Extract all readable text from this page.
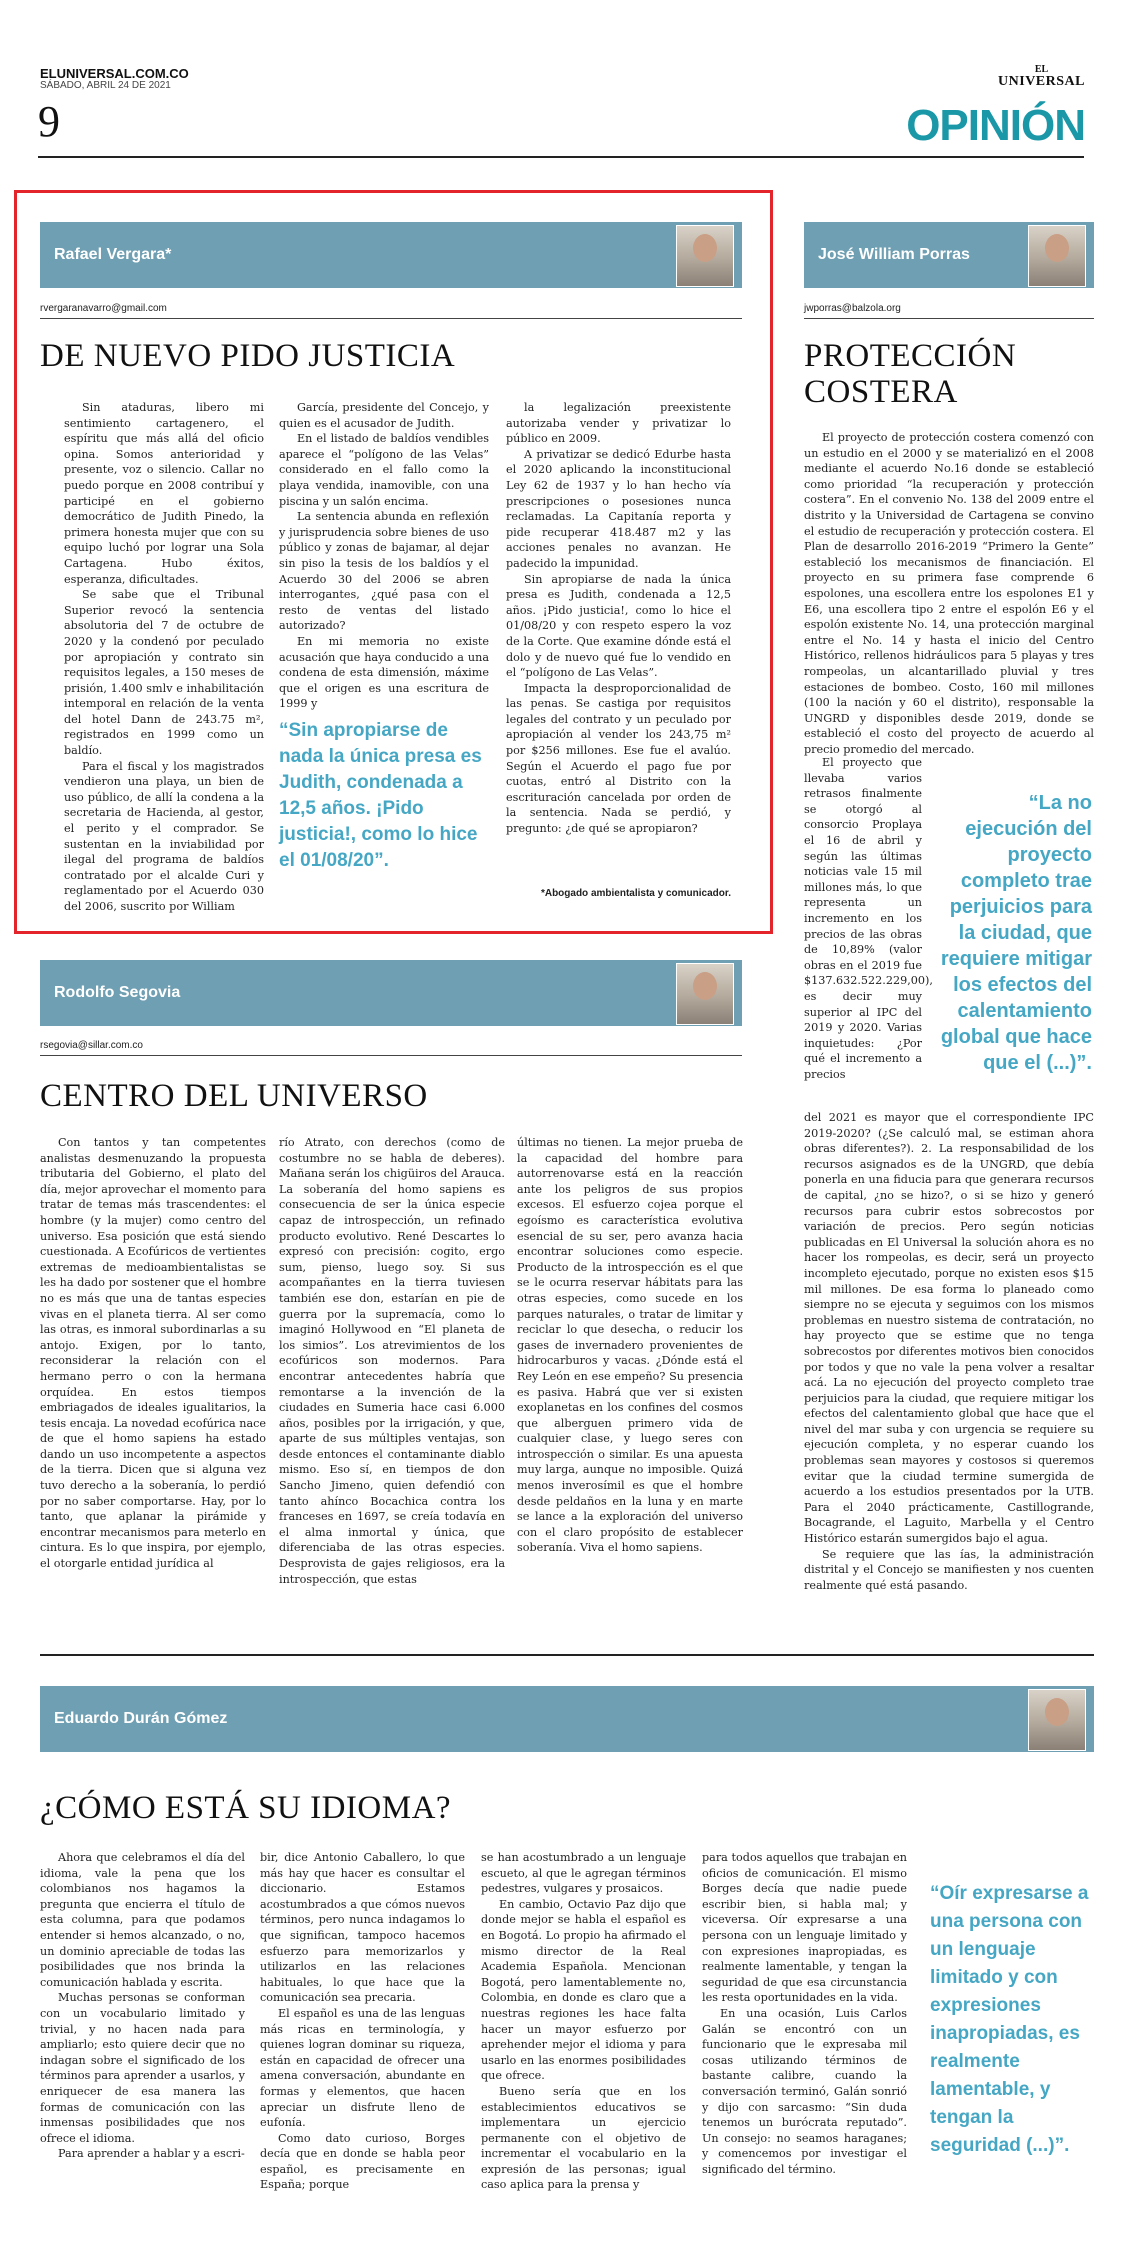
ELUNIVERSAL.COM.CO
SÁBADO, ABRIL 24 DE 2021
9
EL
UNIVERSAL
OPINIÓN
Rafael Vergara*
rvergaranavarro@gmail.com
DE NUEVO PIDO JUSTICIA

Sin ataduras, libero mi sentimiento cartagenero, el espíritu que más allá del oficio opina. Somos anterioridad y presente, voz o silencio. Callar no puedo porque en 2008 contribuí y participé en el gobierno democrático de Judith Pinedo, la primera honesta mujer que con su equipo luchó por lograr una Sola Cartagena. Hubo éxitos, esperanza, dificultades.

Se sabe que el Tribunal Superior revocó la sentencia absolutoria del 7 de octubre de 2020 y la condenó por peculado por apropiación y contrato sin requisitos legales, a 150 meses de prisión, 1.400 smlv e inhabilitación intemporal en relación de la venta del hotel Dann de 243.75 m², registrados en 1999 como un baldío.

Para el fiscal y los magistrados vendieron una playa, un bien de uso público, de allí la condena a la secretaria de Hacienda, al gestor, el perito y el comprador. Se sustentan en la inviabilidad por ilegal del programa de baldíos contratado por el alcalde Curi y reglamentado por el Acuerdo 030 del 2006, suscrito por William

García, presidente del Concejo, y quien es el acusador de Judith.

En el listado de baldíos vendibles aparece el “polígono de las Velas” considerado en el fallo como la playa vendida, inamovible, con una piscina y un salón encima.

La sentencia abunda en reflexión y jurisprudencia sobre bienes de uso público y zonas de bajamar, al dejar sin piso la tesis de los baldíos y el Acuerdo 30 del 2006 se abren interrogantes, ¿qué pasa con el resto de ventas del listado autorizado?

En mi memoria no existe acusación que haya conducido a una condena de esta dimensión, máxime que el origen es una escritura de 1999 y

“Sin apropiarse de nada la única presa es Judith, condenada a 12,5 años. ¡Pido justicia!, como lo hice el 01/08/20”.

la legalización preexistente autorizaba vender y privatizar lo público en 2009.

A privatizar se dedicó Edurbe hasta el 2020 aplicando la inconstitucional Ley 62 de 1937 y lo han hecho vía prescripciones o posesiones nunca reclamadas. La Capitanía reporta y pide recuperar 418.487 m2 y las acciones penales no avanzan. He padecido la impunidad.

Sin apropiarse de nada la única presa es Judith, condenada a 12,5 años. ¡Pido justicia!, como lo hice el 01/08/20 y con respeto espero la voz de la Corte. Que examine dónde está el dolo y de nuevo qué fue lo vendido en el “polígono de Las Velas”.

Impacta la desproporcionalidad de las penas. Se castiga por requisitos legales del contrato y un peculado por apropiación al vender los 243,75 m² por $256 millones. Ese fue el avalúo. Según el Acuerdo el pago fue por cuotas, entró al Distrito con la escrituración cancelada por orden de la sentencia. Nada se perdió, y pregunto: ¿de qué se apropiaron?

*Abogado ambientalista y comunicador.
José William Porras
jwporras@balzola.org
PROTECCIÓN
COSTERA

El proyecto de protección costera comenzó con un estudio en el 2000 y se materializó en el 2008 mediante el acuerdo No.16 donde se estableció como prioridad “la recuperación y protección costera”. En el convenio No. 138 del 2009 entre el distrito y la Universidad de Cartagena se convino el estudio de recuperación y protección costera. El Plan de desarrollo 2016-2019 “Primero la Gente” estableció los mecanismos de financiación. El proyecto en su primera fase comprende 6 espolones, una escollera entre los espolones E1 y E6, una escollera tipo 2 entre el espolón E6 y el espolón existente No. 14, una protección marginal entre el No. 14 y hasta el inicio del Centro Histórico, rellenos hidráulicos para 5 playas y tres rompeolas, un alcantarillado pluvial y tres estaciones de bombeo. Costo, 160 mil millones (100 la nación y 60 el distrito), responsable la UNGRD y disponibles desde 2019, donde se estableció el costo del proyecto de acuerdo al precio promedio del mercado.

El proyecto que llevaba varios retrasos finalmente se otorgó al consorcio Proplaya el 16 de abril y según las últimas noticias vale 15 mil millones más, lo que representa un incremento en los precios de las obras de 10,89% (valor obras en el 2019 fue $137.632.522.229,00), es decir muy superior al IPC del 2019 y 2020. Varias inquietudes: ¿Por qué el incremento a precios

“La no ejecución del proyecto completo trae perjuicios para la ciudad, que requiere mitigar los efectos del calentamiento global que hace que el (...)”.

del 2021 es mayor que el correspondiente IPC 2019-2020? (¿Se calculó mal, se estiman ahora obras diferentes?). 2. La responsabilidad de los recursos asignados es de la UNGRD, que debía ponerla en una fiducia para que generara recursos de capital, ¿no se hizo?, o si se hizo y generó recursos para cubrir estos sobrecostos por variación de precios. Pero según noticias publicadas en El Universal la solución ahora es no hacer los rompeolas, es decir, será un proyecto incompleto ejecutado, porque no existen esos $15 mil millones. De esa forma lo planeado como siempre no se ejecuta y seguimos con los mismos problemas en nuestro sistema de contratación, no hay proyecto que se estime que no tenga sobrecostos por diferentes motivos bien conocidos por todos y que no vale la pena volver a resaltar acá. La no ejecución del proyecto completo trae perjuicios para la ciudad, que requiere mitigar los efectos del calentamiento global que hace que el nivel del mar suba y con urgencia se requiere su ejecución completa, y no esperar cuando los problemas sean mayores y costosos si queremos evitar que la ciudad termine sumergida de acuerdo a los estudios presentados por la UTB. Para el 2040 prácticamente, Castillogrande, Bocagrande, el Laguito, Marbella y el Centro Histórico estarán sumergidos bajo el agua.

Se requiere que las ías, la administración distrital y el Concejo se manifiesten y nos cuenten realmente qué está pasando.

Rodolfo Segovia
rsegovia@sillar.com.co
CENTRO DEL UNIVERSO

Con tantos y tan competentes analistas desmenuzando la propuesta tributaria del Gobierno, el plato del día, mejor aprovechar el momento para tratar de temas más trascendentes: el hombre (y la mujer) como centro del universo. Esa posición que está siendo cuestionada. A Ecofúricos de vertientes extremas de medioambientalistas se les ha dado por sostener que el hombre no es más que una de tantas especies vivas en el planeta tierra. Al ser como las otras, es inmoral subordinarlas a su antojo. Exigen, por lo tanto, reconsiderar la relación con el hermano perro o con la hermana orquídea. En estos tiempos embriagados de ideales igualitarios, la tesis encaja. La novedad ecofúrica nace de que el homo sapiens ha estado dando un uso incompetente a aspectos de la tierra. Dicen que si alguna vez tuvo derecho a la soberanía, lo perdió por no saber comportarse. Hay, por lo tanto, que aplanar la pirámide y encontrar mecanismos para meterlo en cintura. Es lo que inspira, por ejemplo, el otorgarle entidad jurídica al

río Atrato, con derechos (como de costumbre no se habla de deberes). Mañana serán los chigüiros del Arauca. La soberanía del homo sapiens es consecuencia de ser la única especie capaz de introspección, un refinado producto evolutivo. René Descartes lo expresó con precisión: cogito, ergo sum, pienso, luego soy. Si sus acompañantes en la tierra tuviesen también ese don, estarían en pie de guerra por la supremacía, como lo imaginó Hollywood en “El planeta de los simios”. Los atrevimientos de los ecofúricos son modernos. Para encontrar antecedentes habría que remontarse a la invención de la ciudades en Sumeria hace casi 6.000 años, posibles por la irrigación, y que, aparte de sus múltiples ventajas, son desde entonces el contaminante diablo mismo. Eso sí, en tiempos de don Sancho Jimeno, quien defendió con tanto ahínco Bocachica contra los franceses en 1697, se creía todavía en el alma inmortal y única, que diferenciaba de las otras especies. Desprovista de gajes religiosos, era la introspección, que estas

últimas no tienen. La mejor prueba de la capacidad del hombre para autorrenovarse está en la reacción ante los peligros de sus propios excesos. El esfuerzo cojea porque el egoísmo es característica evolutiva esencial de su ser, pero avanza hacia encontrar soluciones como especie. Producto de la introspección es el que se le ocurra reservar hábitats para las otras especies, como sucede en los parques naturales, o tratar de limitar y reciclar lo que desecha, o reducir los gases de invernadero provenientes de hidrocarburos y vacas. ¿Dónde está el Rey León en ese empeño? Su presencia es pasiva. Habrá que ver si existen exoplanetas en los confines del cosmos que alberguen primero vida de cualquier clase, y luego seres con introspección o similar. Es una apuesta muy larga, aunque no imposible. Quizá menos inverosímil es que el hombre desde peldaños en la luna y en marte se lance a la exploración del universo con el claro propósito de establecer soberanía. Viva el homo sapiens.

Eduardo Durán Gómez
¿CÓMO ESTÁ SU IDIOMA?

Ahora que celebramos el día del idioma, vale la pena que los colombianos nos hagamos la pregunta que encierra el título de esta columna, para que podamos entender si hemos alcanzado, o no, un dominio apreciable de todas las posibilidades que nos brinda la comunicación hablada y escrita.

Muchas personas se conforman con un vocabulario limitado y trivial, y no hacen nada para ampliarlo; esto quiere decir que no indagan sobre el significado de los términos para aprender a usarlos, y enriquecer de esa manera las formas de comunicación con las inmensas posibilidades que nos ofrece el idioma.

Para aprender a hablar y a escri-

bir, dice Antonio Caballero, lo que más hay que hacer es consultar el diccionario. Estamos acostumbrados a que cómos nuevos términos, pero nunca indagamos lo que significan, tampoco hacemos esfuerzo para memorizarlos y utilizarlos en las relaciones habituales, lo que hace que la comunicación sea precaria.

El español es una de las lenguas más ricas en terminología, y quienes logran dominar su riqueza, están en capacidad de ofrecer una amena conversación, abundante en formas y elementos, que hacen apreciar un disfrute lleno de eufonía.

Como dato curioso, Borges decía que en donde se habla peor español, es precisamente en España; porque

se han acostumbrado a un lenguaje escueto, al que le agregan términos pedestres, vulgares y prosaicos.

En cambio, Octavio Paz dijo que donde mejor se habla el español es en Bogotá. Lo propio ha afirmado el mismo director de la Real Academia Española. Mencionan Bogotá, pero lamentablemente no, Colombia, en donde es claro que a nuestras regiones les hace falta hacer un mayor esfuerzo por aprehender mejor el idioma y para usarlo en las enormes posibilidades que ofrece.

Bueno sería que en los establecimientos educativos se implementara un ejercicio permanente con el objetivo de incrementar el vocabulario en la expresión de las personas; igual caso aplica para la prensa y

para todos aquellos que trabajan en oficios de comunicación. El mismo Borges decía que nadie puede escribir bien, si habla mal; y viceversa. Oír expresarse a una persona con un lenguaje limitado y con expresiones inapropiadas, es realmente lamentable, y tengan la seguridad de que esa circunstancia les resta oportunidades en la vida.

En una ocasión, Luis Carlos Galán se encontró con un funcionario que le expresaba mil cosas utilizando términos de bastante calibre, cuando la conversación terminó, Galán sonrió y dijo con sarcasmo: “Sin duda tenemos un burócrata reputado”. Un consejo: no seamos haraganes; y comencemos por investigar el significado del término.

“Oír expresarse a una persona con un lenguaje limitado y con expresiones inapropiadas, es realmente lamentable, y tengan la seguridad (...)”.
